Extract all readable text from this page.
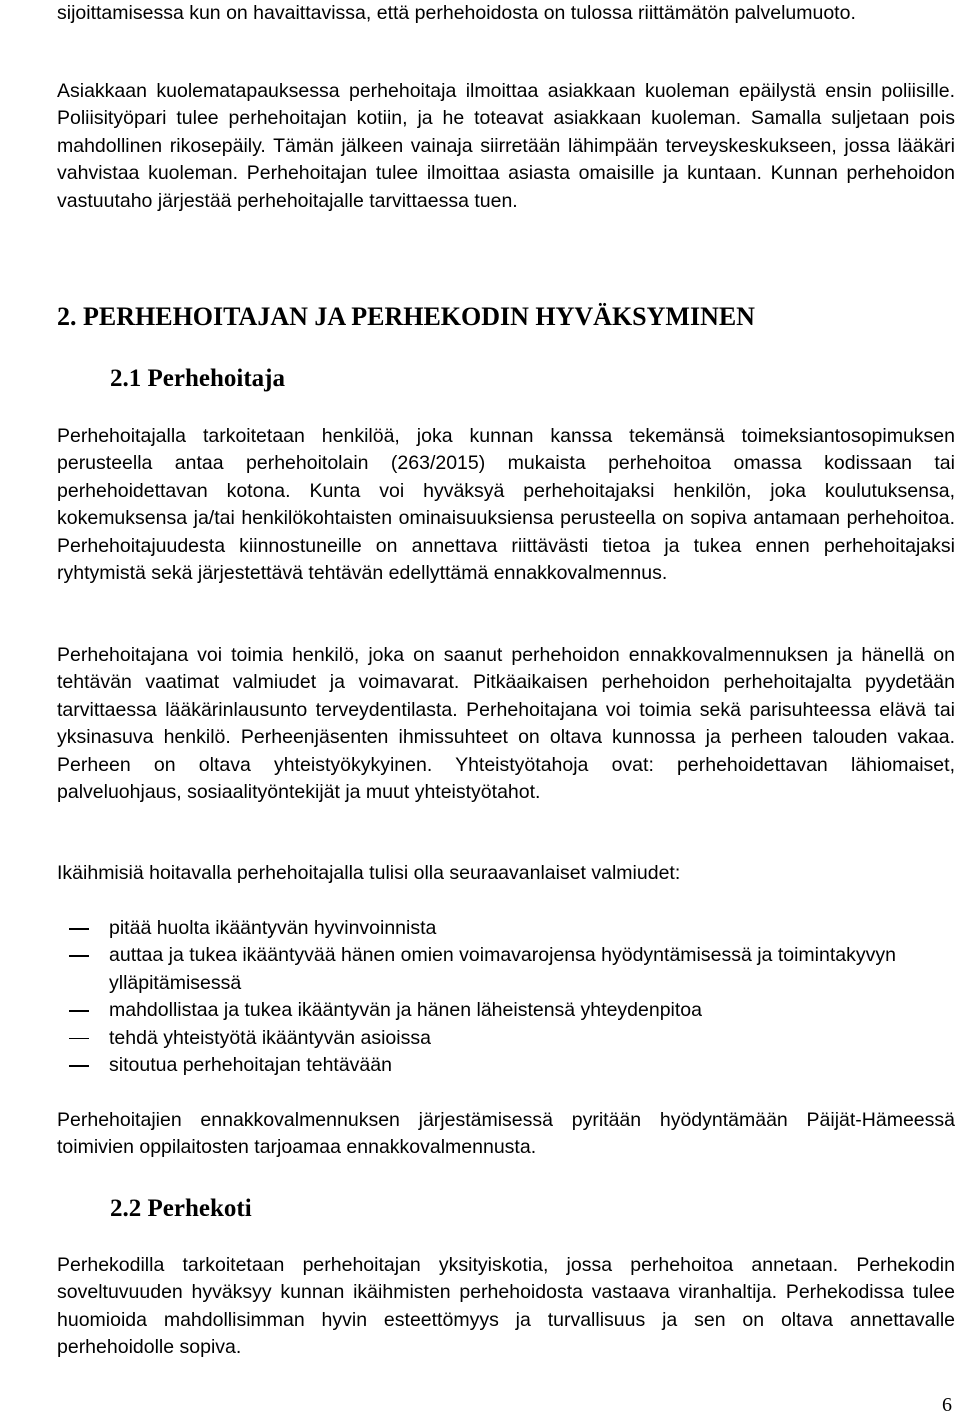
sijoittamisessa kun on havaittavissa, että perhehoidosta on tulossa riittämätön palvelumuoto.

Asiakkaan kuolematapauksessa perhehoitaja ilmoittaa asiakkaan kuoleman epäilystä ensin poliisille. Poliisityöpari tulee perhehoitajan kotiin, ja he toteavat asiakkaan kuoleman. Samalla suljetaan pois mahdollinen rikosepäily. Tämän jälkeen vainaja siirretään lähimpään terveyskeskukseen, jossa lääkäri vahvistaa kuoleman. Perhehoitajan tulee ilmoittaa asiasta omaisille ja kuntaan. Kunnan perhehoidon vastuutaho järjestää perhehoitajalle tarvittaessa tuen.

2. PERHEHOITAJAN JA PERHEKODIN HYVÄKSYMINEN
2.1 Perhehoitaja

Perhehoitajalla tarkoitetaan henkilöä, joka kunnan kanssa tekemänsä toimeksiantosopimuksen perusteella antaa perhehoitolain (263/2015) mukaista perhehoitoa omassa kodissaan tai perhehoidettavan kotona. Kunta voi hyväksyä perhehoitajaksi henkilön, joka koulutuksensa, kokemuksensa ja/tai henkilökohtaisten ominaisuuksiensa perusteella on sopiva antamaan perhehoitoa. Perhehoitajuudesta kiinnostuneille on annettava riittävästi tietoa ja tukea ennen perhehoitajaksi ryhtymistä sekä järjestettävä tehtävän edellyttämä ennakkovalmennus.

Perhehoitajana voi toimia henkilö, joka on saanut perhehoidon ennakkovalmennuksen ja hänellä on tehtävän vaatimat valmiudet ja voimavarat. Pitkäaikaisen perhehoidon perhehoitajalta pyydetään tarvittaessa lääkärinlausunto terveydentilasta. Perhehoitajana voi toimia sekä parisuhteessa elävä tai yksinasuva henkilö. Perheenjäsenten ihmissuhteet on oltava kunnossa ja perheen talouden vakaa. Perheen on oltava yhteistyökykyinen. Yhteistyötahoja ovat: perhehoidettavan lähiomaiset, palveluohjaus, sosiaalityöntekijät ja muut yhteistyötahot.

Ikäihmisiä hoitavalla perhehoitajalla tulisi olla seuraavanlaiset valmiudet:

pitää huolta ikääntyvän hyvinvoinnista
auttaa ja tukea ikääntyvää hänen omien voimavarojensa hyödyntämisessä ja toimintakyvyn ylläpitämisessä
mahdollistaa ja tukea ikääntyvän ja hänen läheistensä yhteydenpitoa
tehdä yhteistyötä ikääntyvän asioissa
sitoutua perhehoitajan tehtävään

Perhehoitajien ennakkovalmennuksen järjestämisessä pyritään hyödyntämään Päijät-Hämeessä toimivien oppilaitosten tarjoamaa ennakkovalmennusta.

2.2 Perhekoti

Perhekodilla tarkoitetaan perhehoitajan yksityiskotia, jossa perhehoitoa annetaan. Perhekodin soveltuvuuden hyväksyy kunnan ikäihmisten perhehoidosta vastaava viranhaltija. Perhekodissa tulee huomioida mahdollisimman hyvin esteettömyys ja turvallisuus ja sen on oltava annettavalle perhehoidolle sopiva.

6
